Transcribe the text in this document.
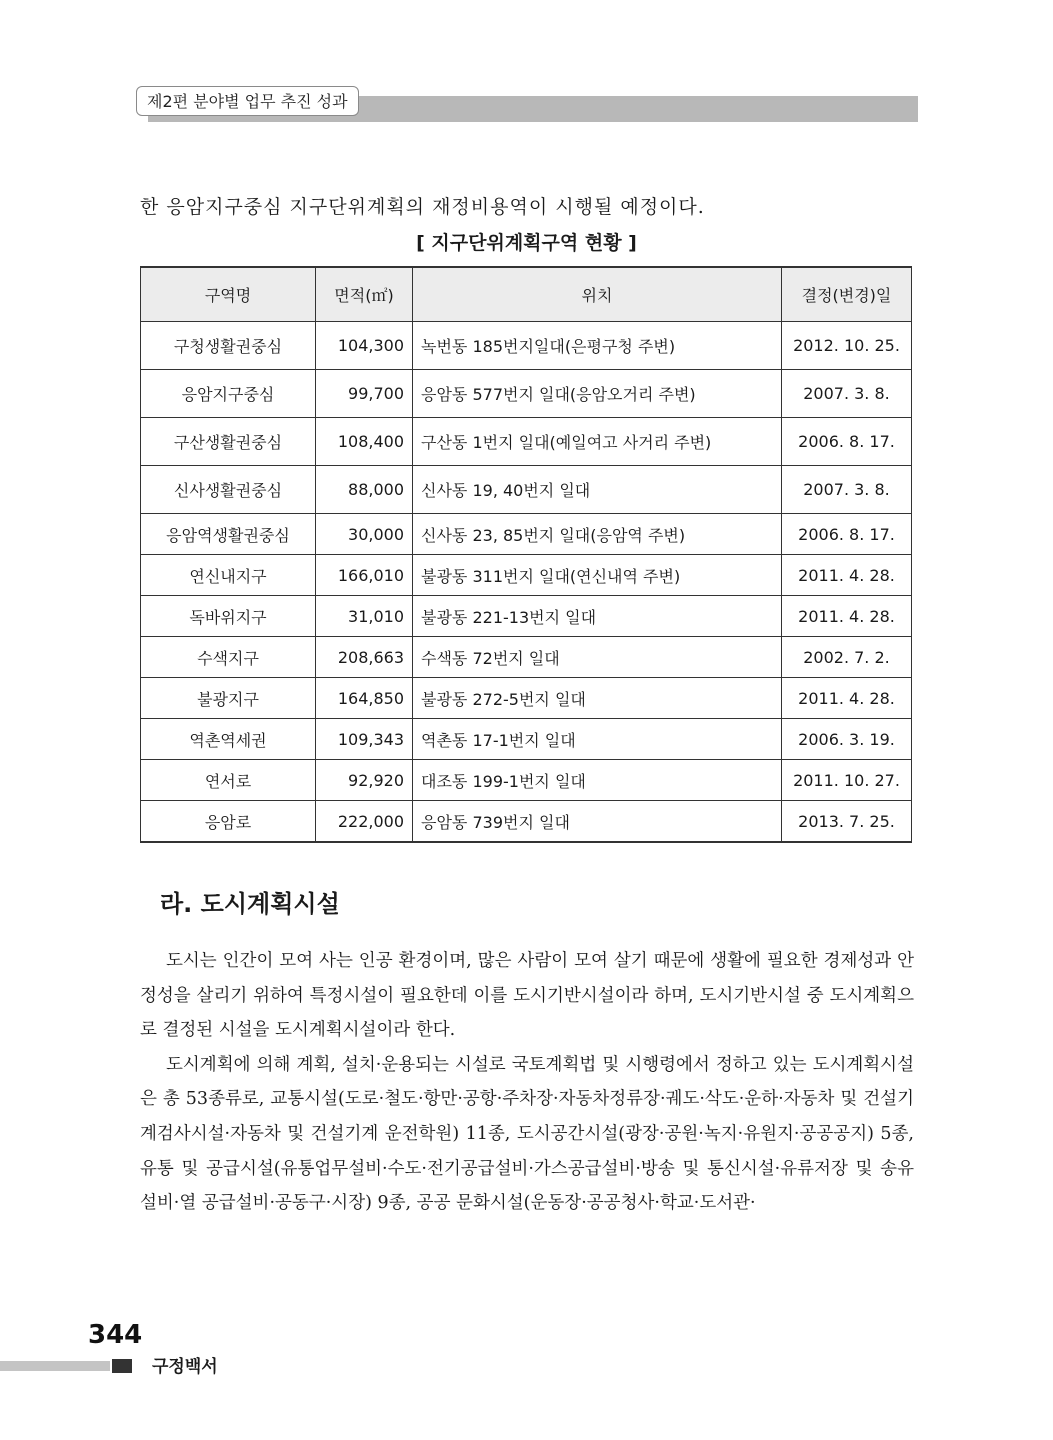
제2편 분야별 업무 추진 성과
한 응암지구중심 지구단위계획의 재정비용역이 시행될 예정이다.
[ 지구단위계획구역 현황 ]
구역명	면적(㎡)	위치	결정(변경)일
구청생활권중심	104,300	녹번동 185번지일대(은평구청 주변)	2012. 10. 25.
응암지구중심	99,700	응암동 577번지 일대(응암오거리 주변)	2007. 3. 8.
구산생활권중심	108,400	구산동 1번지 일대(예일여고 사거리 주변)	2006. 8. 17.
신사생활권중심	88,000	신사동 19, 40번지 일대	2007. 3. 8.
응암역생활권중심	30,000	신사동 23, 85번지 일대(응암역 주변)	2006. 8. 17.
연신내지구	166,010	불광동 311번지 일대(연신내역 주변)	2011. 4. 28.
독바위지구	31,010	불광동 221-13번지 일대	2011. 4. 28.
수색지구	208,663	수색동 72번지 일대	2002. 7. 2.
불광지구	164,850	불광동 272-5번지 일대	2011. 4. 28.
역촌역세권	109,343	역촌동 17-1번지 일대	2006. 3. 19.
연서로	92,920	대조동 199-1번지 일대	2011. 10. 27.
응암로	222,000	응암동 739번지 일대	2013. 7. 25.
라. 도시계획시설

도시는 인간이 모여 사는 인공 환경이며, 많은 사람이 모여 살기 때문에 생활에 필요한 경제성과 안정성을 살리기 위하여 특정시설이 필요한데 이를 도시기반시설이라 하며, 도시기반시설 중 도시계획으로 결정된 시설을 도시계획시설이라 한다.

도시계획에 의해 계획, 설치·운용되는 시설로 국토계획법 및 시행령에서 정하고 있는 도시계획시설은 총 53종류로, 교통시설(도로·철도·항만·공항·주차장·자동차정류장·궤도·삭도·운하·자동차 및 건설기계검사시설·자동차 및 건설기계 운전학원) 11종, 도시공간시설(광장·공원·녹지·유원지·공공공지) 5종, 유통 및 공급시설(유통업무설비·수도·전기공급설비·가스공급설비·방송 및 통신시설·유류저장 및 송유설비·열 공급설비·공동구·시장) 9종, 공공 문화시설(운동장·공공청사·학교·도서관·

344
구정백서
